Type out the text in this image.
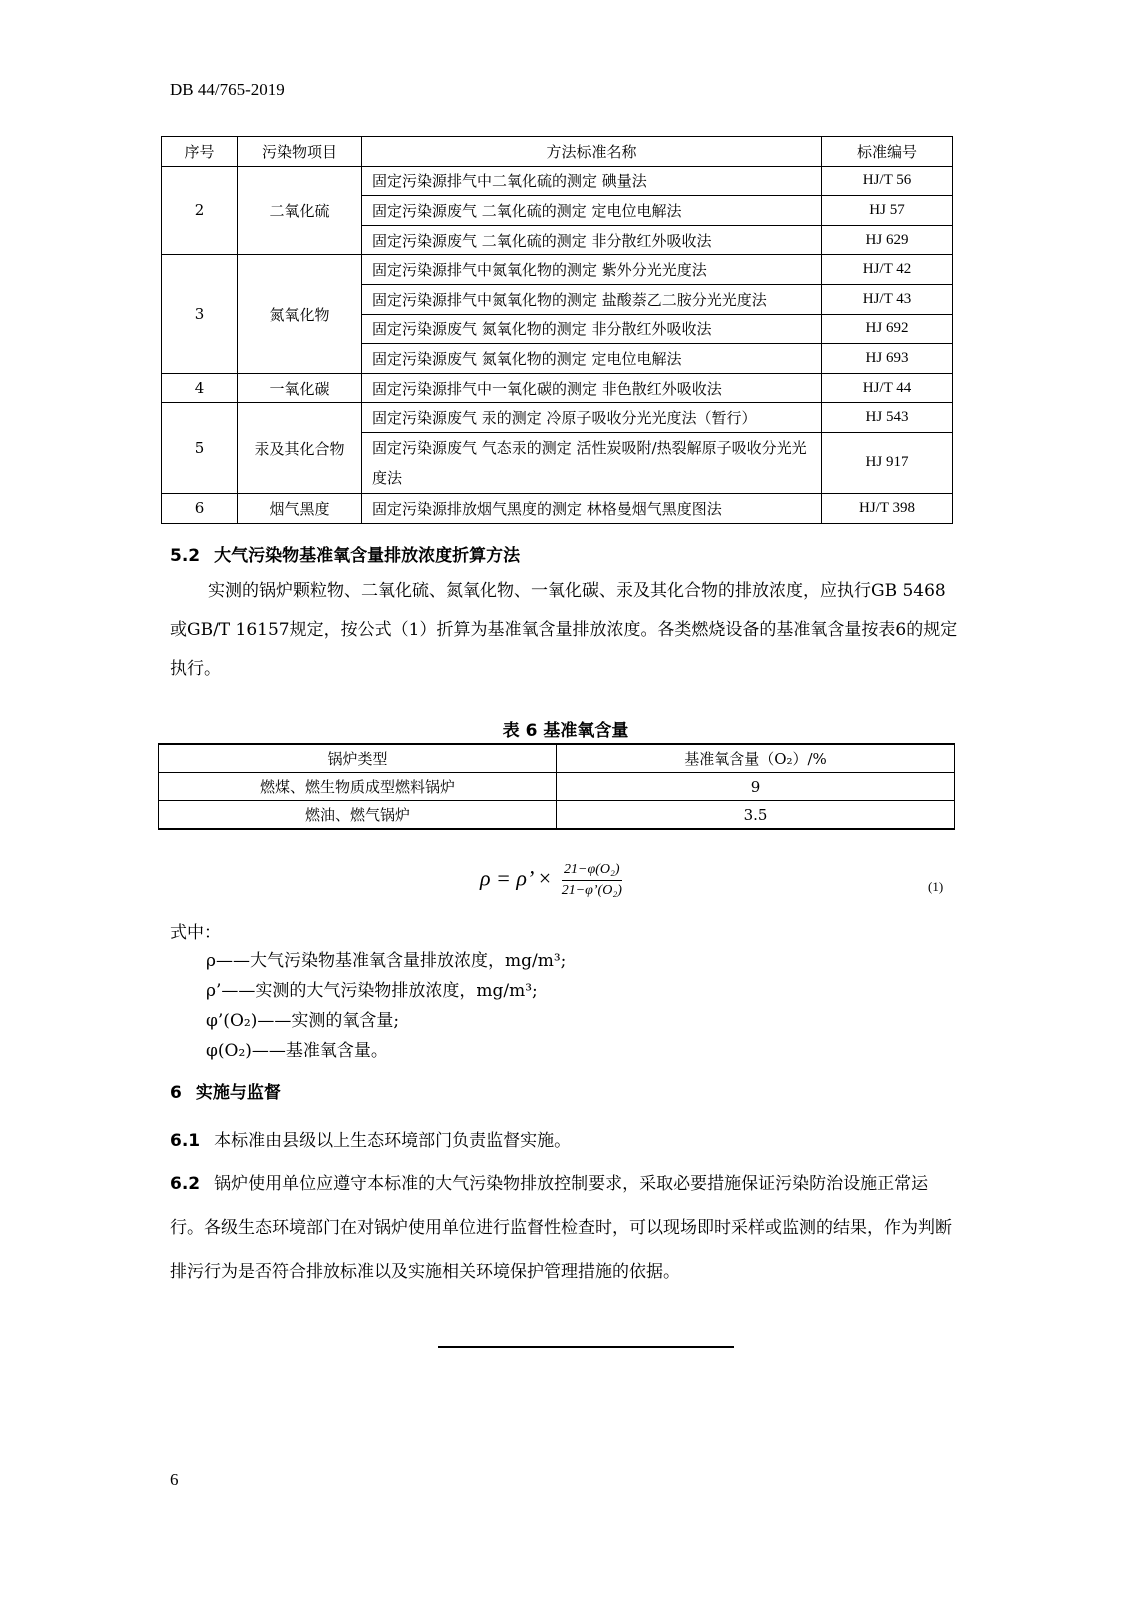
DB 44/765-2019
序号	污染物项目	方法标准名称	标准编号
2	二氧化硫	固定污染源排气中二氧化硫的测定 碘量法	HJ/T 56
		固定污染源废气 二氧化硫的测定 定电位电解法	HJ 57
		固定污染源废气 二氧化硫的测定 非分散红外吸收法	HJ 629
3	氮氧化物	固定污染源排气中氮氧化物的测定 紫外分光光度法	HJ/T 42
		固定污染源排气中氮氧化物的测定 盐酸萘乙二胺分光光度法	HJ/T 43
		固定污染源废气 氮氧化物的测定 非分散红外吸收法	HJ 692
		固定污染源废气 氮氧化物的测定 定电位电解法	HJ 693
4	一氧化碳	固定污染源排气中一氧化碳的测定 非色散红外吸收法	HJ/T 44
5	汞及其化合物	固定污染源废气 汞的测定 冷原子吸收分光光度法（暂行）	HJ 543
		固定污染源废气 气态汞的测定 活性炭吸附/热裂解原子吸收分光光度法	HJ 917
6	烟气黑度	固定污染源排放烟气黑度的测定 林格曼烟气黑度图法	HJ/T 398
5.2 大气污染物基准氧含量排放浓度折算方法
实测的锅炉颗粒物、二氧化硫、氮氧化物、一氧化碳、汞及其化合物的排放浓度，应执行GB 5468或GB/T 16157规定，按公式（1）折算为基准氧含量排放浓度。各类燃烧设备的基准氧含量按表6的规定执行。
表 6 基准氧含量
锅炉类型	基准氧含量（O₂）/%
燃煤、燃生物质成型燃料锅炉	9
燃油、燃气锅炉	3.5
ρ = ρ’ × $\frac{\text{21−φ(O₂)}}{\text{21−φ’(O₂)}}$	(1)
式中：
ρ——大气污染物基准氧含量排放浓度，mg/m³;
ρ’——实测的大气污染物排放浓度，mg/m³;
φ’(O₂)——实测的氧含量;
φ(O₂)——基准氧含量。
6 实施与监督
6.1 本标准由县级以上生态环境部门负责监督实施。
6.2 锅炉使用单位应遵守本标准的大气污染物排放控制要求，采取必要措施保证污染防治设施正常运行。各级生态环境部门在对锅炉使用单位进行监督性检查时，可以现场即时采样或监测的结果，作为判断排污行为是否符合排放标准以及实施相关环境保护管理措施的依据。
6
